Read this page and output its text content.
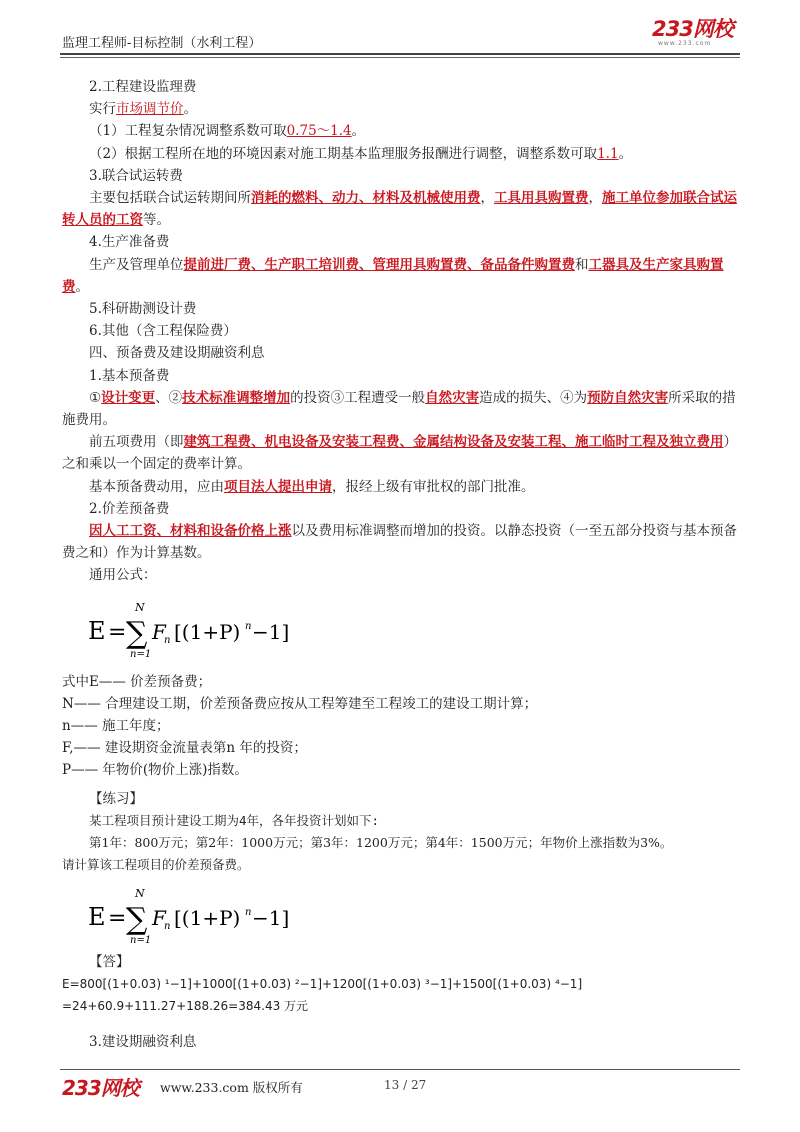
监理工程师-目标控制（水利工程）
233网校
www.233.com

2.工程建设监理费

实行市场调节价。

（1）工程复杂情况调整系数可取0.75～1.4。

（2）根据工程所在地的环境因素对施工期基本监理服务报酬进行调整，调整系数可取1.1。

3.联合试运转费

主要包括联合试运转期间所消耗的燃料、动力、材料及机械使用费，工具用具购置费，施工单位参加联合试运转人员的工资等。

4.生产准备费

生产及管理单位提前进厂费、生产职工培训费、管理用具购置费、备品备件购置费和工器具及生产家具购置费。

5.科研勘测设计费

6.其他（含工程保险费）

四、预备费及建设期融资利息

1.基本预备费

①设计变更、②技术标准调整增加的投资③工程遭受一般自然灾害造成的损失、④为预防自然灾害所采取的措施费用。

前五项费用（即建筑工程费、机电设备及安装工程费、金属结构设备及安装工程、施工临时工程及独立费用）之和乘以一个固定的费率计算。

基本预备费动用，应由项目法人提出申请，报经上级有审批权的部门批准。

2.价差预备费

因人工工资、材料和设备价格上涨以及费用标准调整而增加的投资。以静态投资（一至五部分投资与基本预备费之和）作为计算基数。

通用公式：

E =
N
∑
n=1
F
n [(1+P) n −1]

式中E—— 价差预备费；

N—— 合理建设工期，价差预备费应按从工程筹建至工程竣工的建设工期计算；

n—— 施工年度；

F,—— 建设期资金流量表第n 年的投资；

P—— 年物价(物价上涨)指数。

【练习】

某工程项目预计建设工期为4年，各年投资计划如下:

第1年：800万元；第2年：1000万元；第3年：1200万元；第4年：1500万元；年物价上涨指数为3%。

请计算该工程项目的价差预备费。

E =
N
∑
n=1
F
n [(1+P) n −1]

【答】

E=800[(1+0.03) ¹−1]+1000[(1+0.03) ²−1]+1200[(1+0.03) ³−1]+1500[(1+0.03) ⁴−1]

=24+60.9+111.27+188.26=384.43 万元

3.建设期融资利息

233网校 www.233.com 版权所有	13 / 27
